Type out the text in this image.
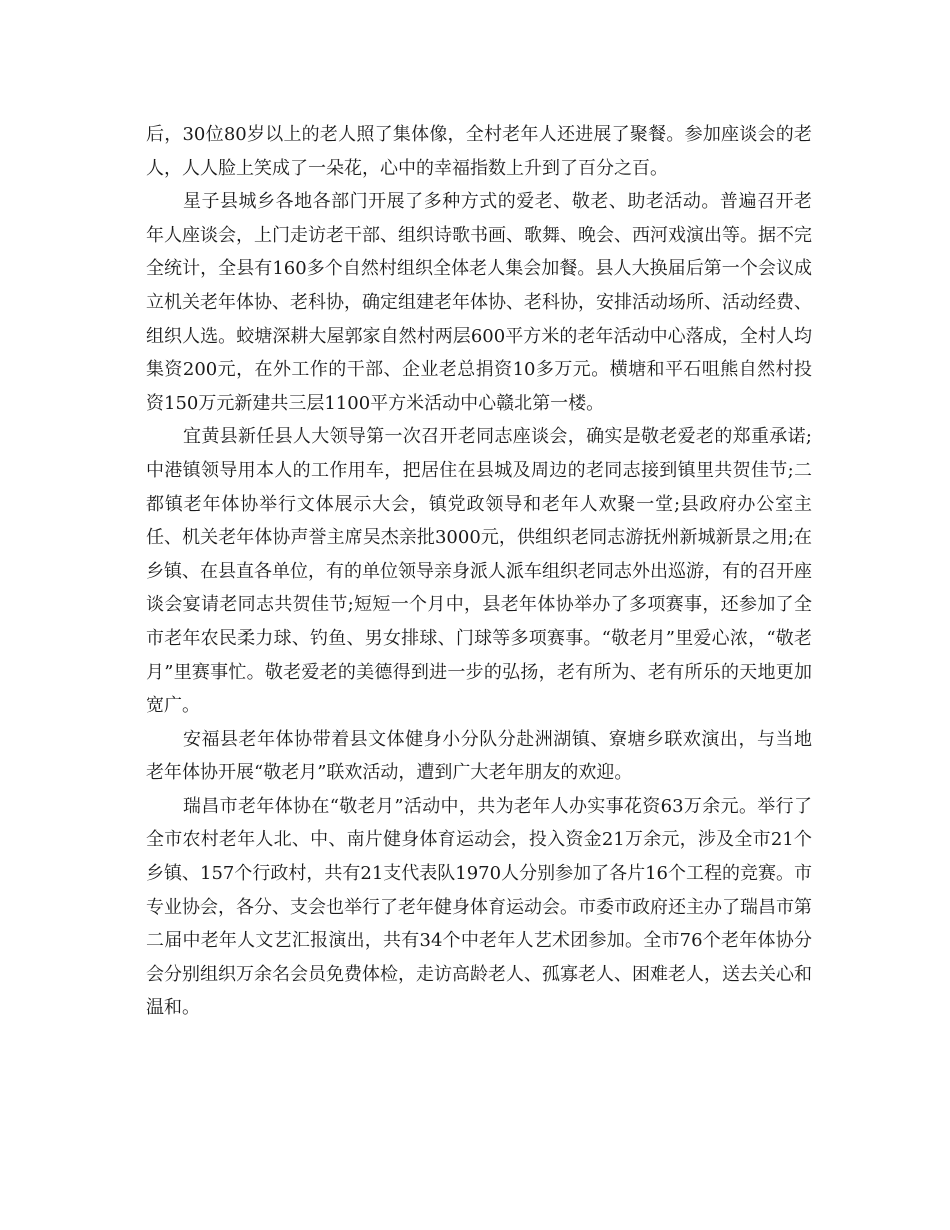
后，30位80岁以上的老人照了集体像，全村老年人还进展了聚餐。参加座谈会的老人，人人脸上笑成了一朵花，心中的幸福指数上升到了百分之百。

星子县城乡各地各部门开展了多种方式的爱老、敬老、助老活动。普遍召开老年人座谈会，上门走访老干部、组织诗歌书画、歌舞、晚会、西河戏演出等。据不完全统计，全县有160多个自然村组织全体老人集会加餐。县人大换届后第一个会议成立机关老年体协、老科协，确定组建老年体协、老科协，安排活动场所、活动经费、组织人选。蛟塘深耕大屋郭家自然村两层600平方米的老年活动中心落成，全村人均集资200元，在外工作的干部、企业老总捐资10多万元。横塘和平石咀熊自然村投资150万元新建共三层1100平方米活动中心赣北第一楼。

宜黄县新任县人大领导第一次召开老同志座谈会，确实是敬老爱老的郑重承诺;中港镇领导用本人的工作用车，把居住在县城及周边的老同志接到镇里共贺佳节;二都镇老年体协举行文体展示大会，镇党政领导和老年人欢聚一堂;县政府办公室主任、机关老年体协声誉主席吴杰亲批3000元，供组织老同志游抚州新城新景之用;在乡镇、在县直各单位，有的单位领导亲身派人派车组织老同志外出巡游，有的召开座谈会宴请老同志共贺佳节;短短一个月中，县老年体协举办了多项赛事，还参加了全市老年农民柔力球、钓鱼、男女排球、门球等多项赛事。“敬老月”里爱心浓，“敬老月”里赛事忙。敬老爱老的美德得到进一步的弘扬，老有所为、老有所乐的天地更加宽广。

安福县老年体协带着县文体健身小分队分赴洲湖镇、寮塘乡联欢演出，与当地老年体协开展“敬老月”联欢活动，遭到广大老年朋友的欢迎。

瑞昌市老年体协在“敬老月”活动中，共为老年人办实事花资63万余元。举行了全市农村老年人北、中、南片健身体育运动会，投入资金21万余元，涉及全市21个乡镇、157个行政村，共有21支代表队1970人分别参加了各片16个工程的竞赛。市专业协会，各分、支会也举行了老年健身体育运动会。市委市政府还主办了瑞昌市第二届中老年人文艺汇报演出，共有34个中老年人艺术团参加。全市76个老年体协分会分别组织万余名会员免费体检，走访高龄老人、孤寡老人、困难老人，送去关心和温和。
